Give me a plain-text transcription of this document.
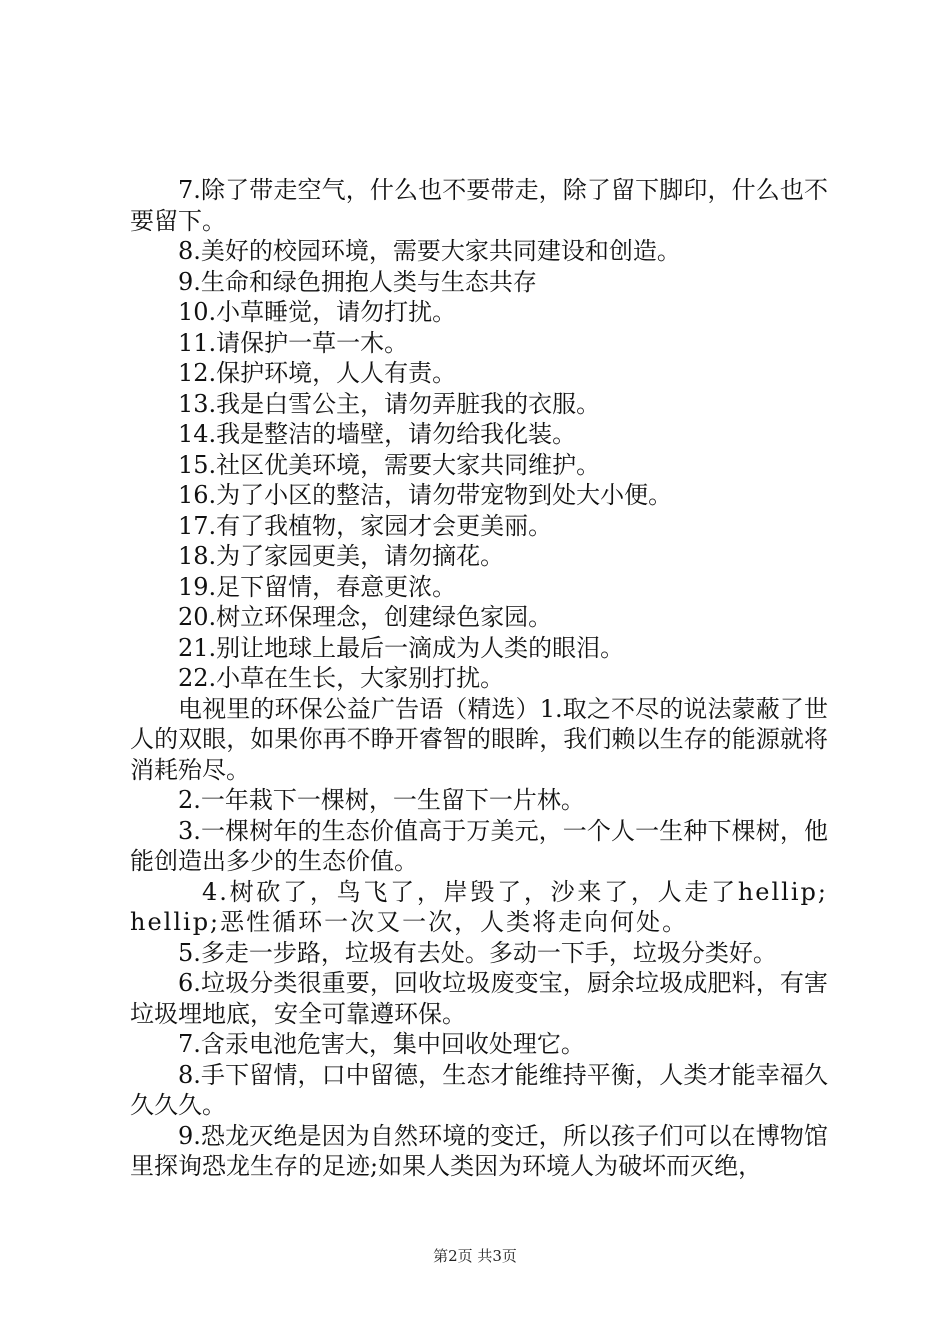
7.除了带走空气，什么也不要带走，除了留下脚印，什么也不要留下。

8.美好的校园环境，需要大家共同建设和创造。

9.生命和绿色拥抱人类与生态共存

10.小草睡觉，请勿打扰。

11.请保护一草一木。

12.保护环境，人人有责。

13.我是白雪公主，请勿弄脏我的衣服。

14.我是整洁的墙壁，请勿给我化装。

15.社区优美环境，需要大家共同维护。

16.为了小区的整洁，请勿带宠物到处大小便。

17.有了我植物，家园才会更美丽。

18.为了家园更美，请勿摘花。

19.足下留情，春意更浓。

20.树立环保理念，创建绿色家园。

21.别让地球上最后一滴成为人类的眼泪。

22.小草在生长，大家别打扰。

电视里的环保公益广告语（精选）1.取之不尽的说法蒙蔽了世人的双眼，如果你再不睁开睿智的眼眸，我们赖以生存的能源就将消耗殆尽。

2.一年栽下一棵树，一生留下一片林。

3.一棵树年的生态价值高于万美元，一个人一生种下棵树，他能创造出多少的生态价值。

4.树砍了，鸟飞了，岸毁了，沙来了，人走了hellip;hellip;恶性循环一次又一次，人类将走向何处。

5.多走一步路，垃圾有去处。多动一下手，垃圾分类好。

6.垃圾分类很重要，回收垃圾废变宝，厨余垃圾成肥料，有害垃圾埋地底，安全可靠遵环保。

7.含汞电池危害大，集中回收处理它。

8.手下留情，口中留德，生态才能维持平衡，人类才能幸福久久久久。

9.恐龙灭绝是因为自然环境的变迁，所以孩子们可以在博物馆里探询恐龙生存的足迹;如果人类因为环境人为破坏而灭绝，

第2页 共3页
